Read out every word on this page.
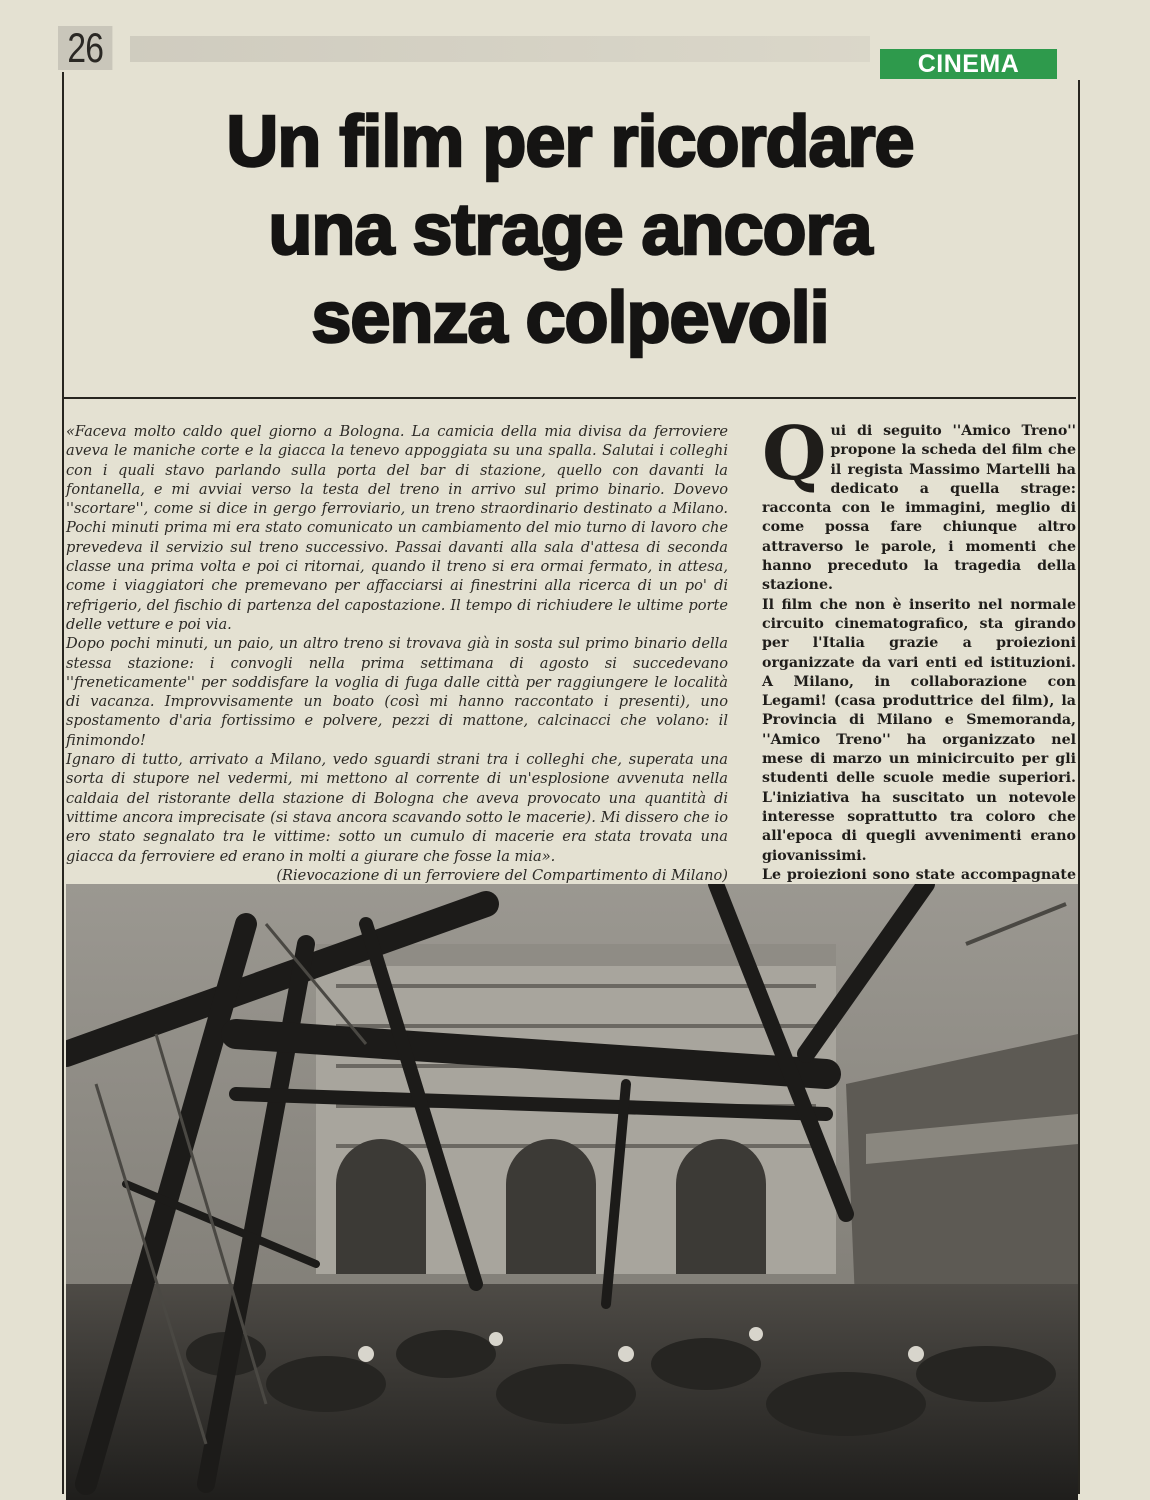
26	CINEMA
Un film per ricordare
una strage ancora
senza colpevoli

«Faceva molto caldo quel giorno a Bologna. La camicia della mia divisa da ferroviere aveva le maniche corte e la giacca la tenevo appoggiata su una spalla. Salutai i colleghi con i quali stavo parlando sulla porta del bar di stazione, quello con davanti la fontanella, e mi avviai verso la testa del treno in arrivo sul primo binario. Dovevo ''scortare'', come si dice in gergo ferroviario, un treno straordinario destinato a Milano. Pochi minuti prima mi era stato comunicato un cambiamento del mio turno di lavoro che prevedeva il servizio sul treno successivo. Passai davanti alla sala d'attesa di seconda classe una prima volta e poi ci ritornai, quando il treno si era ormai fermato, in attesa, come i viaggiatori che premevano per affacciarsi ai finestrini alla ricerca di un po' di refrigerio, del fischio di partenza del capostazione. Il tempo di richiudere le ultime porte delle vetture e poi via.

Dopo pochi minuti, un paio, un altro treno si trovava già in sosta sul primo binario della stessa stazione: i convogli nella prima settimana di agosto si succedevano ''freneticamente'' per soddisfare la voglia di fuga dalle città per raggiungere le località di vacanza. Improvvisamente un boato (così mi hanno raccontato i presenti), uno spostamento d'aria fortissimo e polvere, pezzi di mattone, calcinacci che volano: il finimondo!

Ignaro di tutto, arrivato a Milano, vedo sguardi strani tra i colleghi che, superata una sorta di stupore nel vedermi, mi mettono al corrente di un'esplosione avvenuta nella caldaia del ristorante della stazione di Bologna che aveva provocato una quantità di vittime ancora imprecisate (si stava ancora scavando sotto le macerie). Mi dissero che io ero stato segnalato tra le vittime: sotto un cumulo di macerie era stata trovata una giacca da ferroviere ed erano in molti a giurare che fosse la mia».

(Rievocazione di un ferroviere del Compartimento di Milano)

Qui di seguito ''Amico Treno'' propone la scheda del film che il regista Massimo Martelli ha dedicato a quella strage: racconta con le immagini, meglio di come possa fare chiunque altro attraverso le parole, i momenti che hanno preceduto la tragedia della stazione.

Il film che non è inserito nel normale circuito cinematografico, sta girando per l'Italia grazie a proiezioni organizzate da vari enti ed istituzioni. A Milano, in collaborazione con Legami! (casa produttrice del film), la Provincia di Milano e Smemoranda, ''Amico Treno'' ha organizzato nel mese di marzo un minicircuito per gli studenti delle scuole medie superiori. L'iniziativa ha suscitato un notevole interesse soprattutto tra coloro che all'epoca di quegli avvenimenti erano giovanissimi.

Le proiezioni sono state accompagnate
